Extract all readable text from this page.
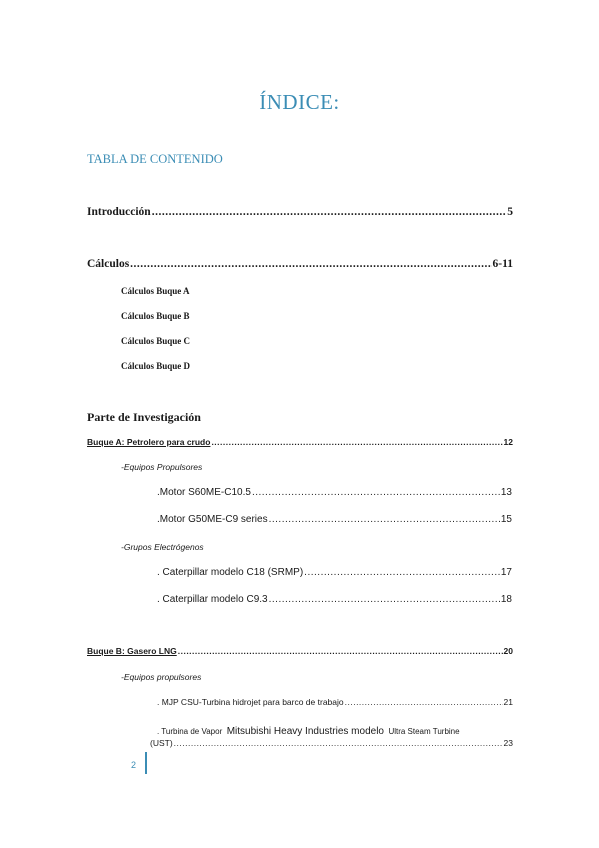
ÍNDICE:
TABLA DE CONTENIDO
Introducción .....	5
Cálculos .....	6-11
Cálculos Buque A
Cálculos Buque B
Cálculos Buque C
Cálculos Buque D
Parte de Investigación
Buque A: Petrolero para crudo .....	12
-Equipos Propulsores
.Motor S60ME-C10.5 .....	13
.Motor G50ME-C9 series .....	15
-Grupos Electrógenos
. Caterpillar modelo C18 (SRMP) .....	17
. Caterpillar modelo C9.3 .....	18
Buque B: Gasero LNG .....	20
-Equipos propulsores
. MJP CSU-Turbina hidrojet para barco de trabajo .....	21
. Turbina de Vapor Mitsubishi Heavy Industries modelo Ultra Steam Turbine
(UST) .....	23
2
